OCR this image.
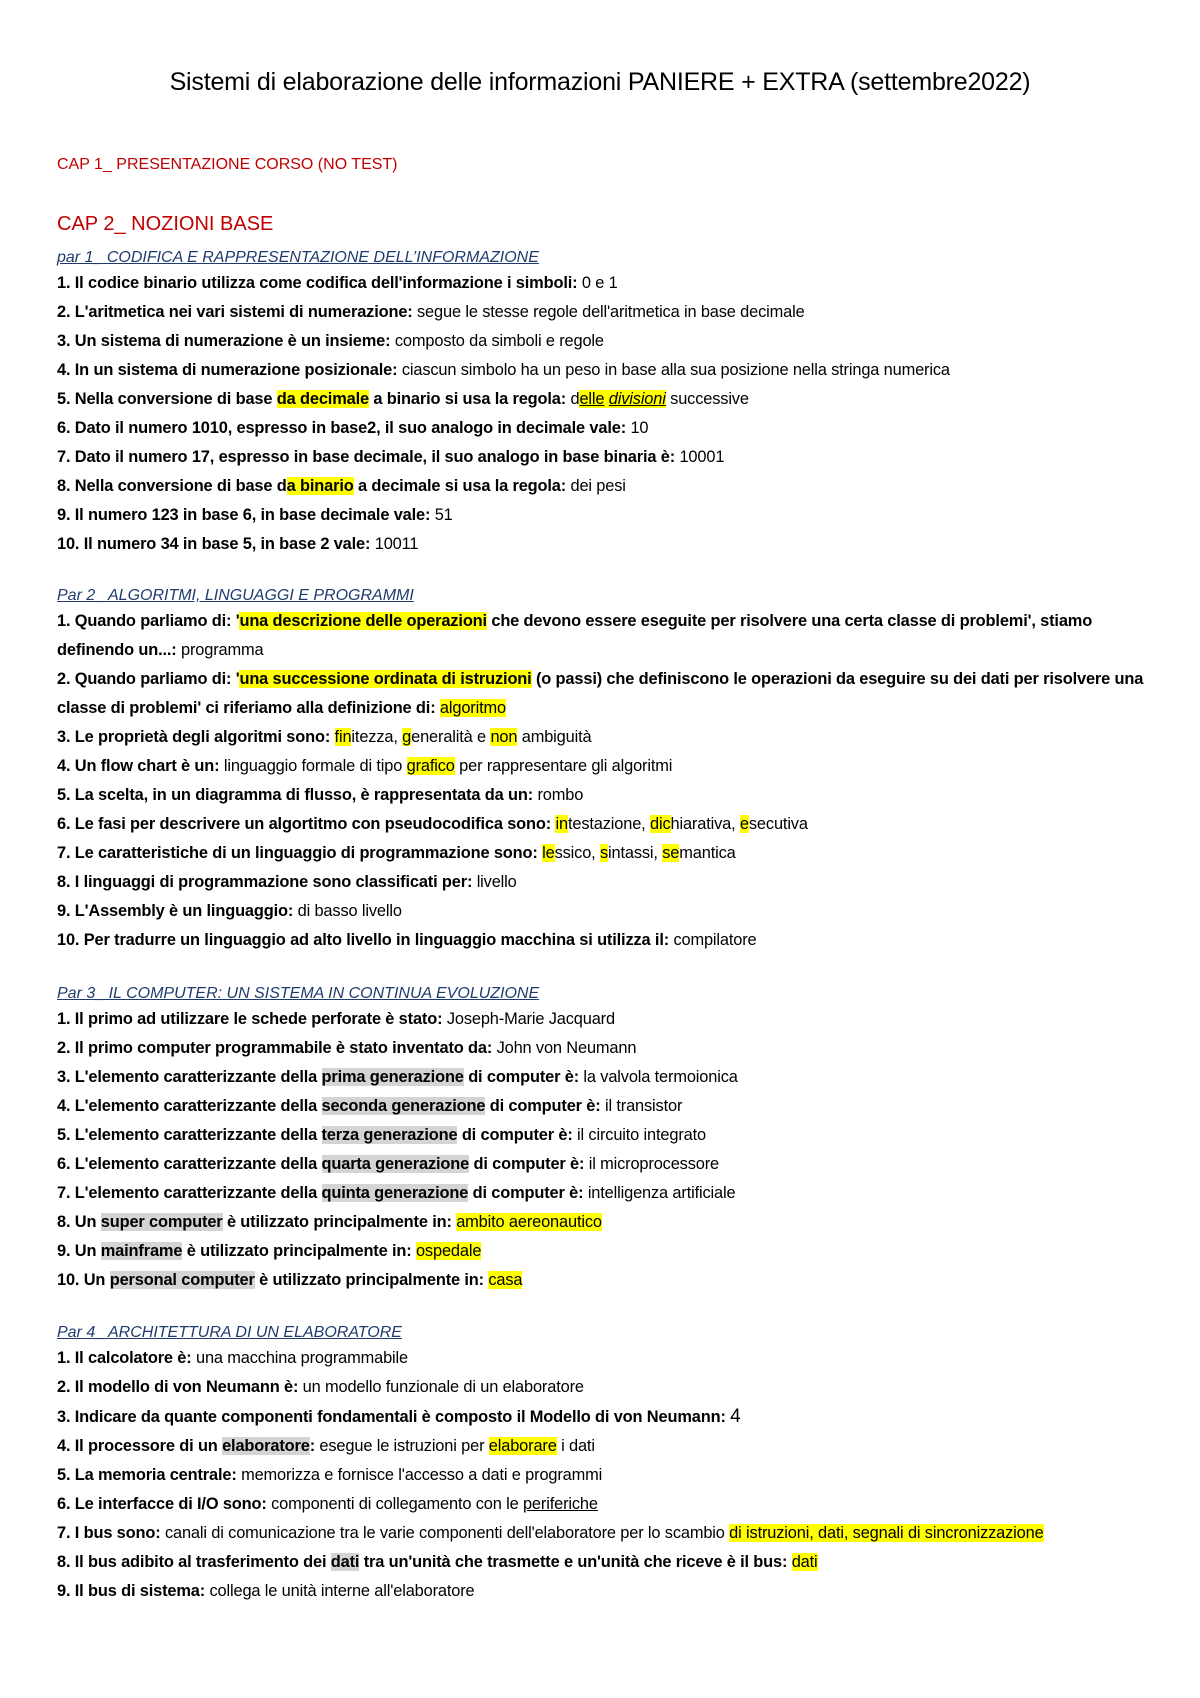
Sistemi di elaborazione delle informazioni PANIERE + EXTRA (settembre2022)
CAP 1_ PRESENTAZIONE CORSO (NO TEST)
CAP 2_ NOZIONI BASE
par 1_ CODIFICA E RAPPRESENTAZIONE DELL’INFORMAZIONE
1. Il codice binario utilizza come codifica dell'informazione i simboli: 0 e 1
2. L'aritmetica nei vari sistemi di numerazione: segue le stesse regole dell'aritmetica in base decimale
3. Un sistema di numerazione è un insieme: composto da simboli e regole
4. In un sistema di numerazione posizionale: ciascun simbolo ha un peso in base alla sua posizione nella stringa numerica
5. Nella conversione di base da decimale a binario si usa la regola: delle divisioni successive
6. Dato il numero 1010, espresso in base2, il suo analogo in decimale vale: 10
7. Dato il numero 17, espresso in base decimale, il suo analogo in base binaria è: 10001
8. Nella conversione di base da binario a decimale si usa la regola: dei pesi
9. Il numero 123 in base 6, in base decimale vale: 51
10. Il numero 34 in base 5, in base 2 vale: 10011
Par 2_ ALGORITMI, LINGUAGGI E PROGRAMMI
1. Quando parliamo di: 'una descrizione delle operazioni che devono essere eseguite per risolvere una certa classe di problemi', stiamo definendo un...: programma
2. Quando parliamo di: 'una successione ordinata di istruzioni (o passi) che definiscono le operazioni da eseguire su dei dati per risolvere una classe di problemi' ci riferiamo alla definizione di: algoritmo
3. Le proprietà degli algoritmi sono: finitezza, generalità e non ambiguità
4. Un flow chart è un: linguaggio formale di tipo grafico per rappresentare gli algoritmi
5. La scelta, in un diagramma di flusso, è rappresentata da un: rombo
6. Le fasi per descrivere un algortitmo con pseudocodifica sono: intestazione, dichiarativa, esecutiva
7. Le caratteristiche di un linguaggio di programmazione sono: lessico, sintassi, semantica
8. I linguaggi di programmazione sono classificati per: livello
9. L'Assembly è un linguaggio: di basso livello
10. Per tradurre un linguaggio ad alto livello in linguaggio macchina si utilizza il: compilatore
Par 3_ IL COMPUTER: UN SISTEMA IN CONTINUA EVOLUZIONE
1. Il primo ad utilizzare le schede perforate è stato: Joseph-Marie Jacquard
2. Il primo computer programmabile è stato inventato da: John von Neumann
3. L'elemento caratterizzante della prima generazione di computer è: la valvola termoionica
4. L'elemento caratterizzante della seconda generazione di computer è: il transistor
5. L'elemento caratterizzante della terza generazione di computer è: il circuito integrato
6. L'elemento caratterizzante della quarta generazione di computer è: il microprocessore
7. L'elemento caratterizzante della quinta generazione di computer è: intelligenza artificiale
8. Un super computer è utilizzato principalmente in: ambito aereonautico
9. Un mainframe è utilizzato principalmente in: ospedale
10. Un personal computer è utilizzato principalmente in: casa
Par 4_ ARCHITETTURA DI UN ELABORATORE
1. Il calcolatore è: una macchina programmabile
2. Il modello di von Neumann è: un modello funzionale di un elaboratore
3. Indicare da quante componenti fondamentali è composto il Modello di von Neumann: 4
4. Il processore di un elaboratore: esegue le istruzioni per elaborare i dati
5. La memoria centrale: memorizza e fornisce l'accesso a dati e programmi
6. Le interfacce di I/O sono: componenti di collegamento con le periferiche
7. I bus sono: canali di comunicazione tra le varie componenti dell'elaboratore per lo scambio di istruzioni, dati, segnali di sincronizzazione
8. Il bus adibito al trasferimento dei dati tra un'unità che trasmette e un'unità che riceve è il bus: dati
9. Il bus di sistema: collega le unità interne all'elaboratore
